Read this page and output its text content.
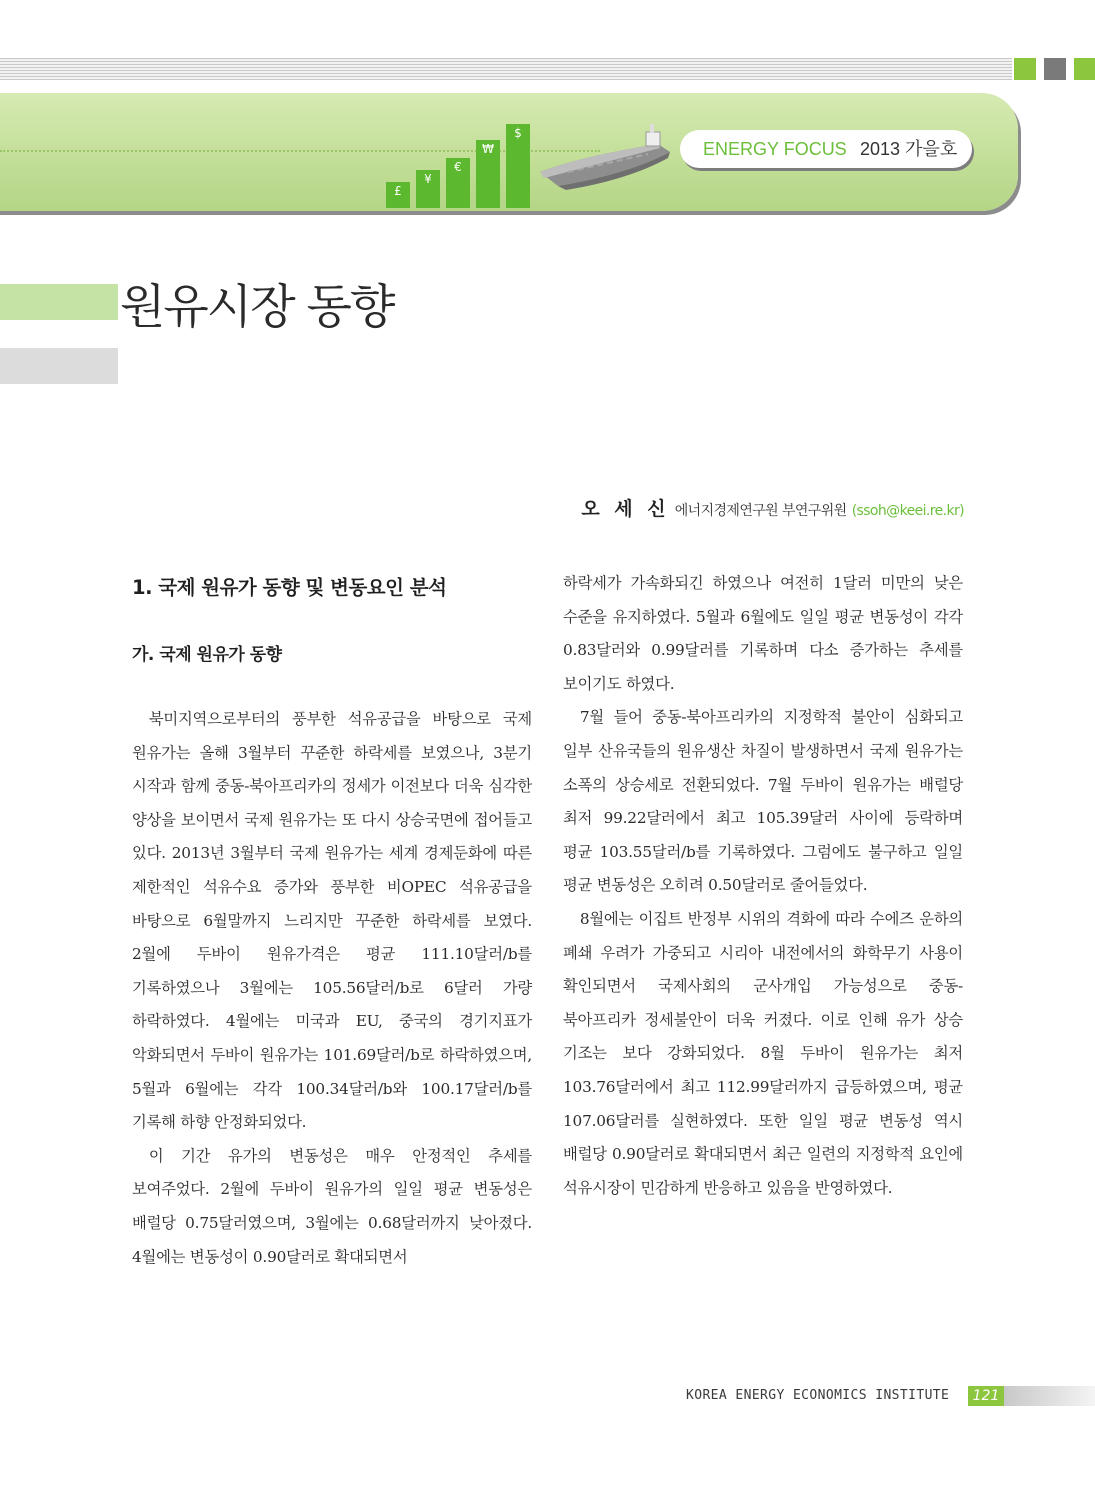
£
¥
€
₩
$
ENERGY FOCUS 2013 가을호
원유시장 동향
오 세 신 에너지경제연구원 부연구위원 (ssoh@keei.re.kr)
1. 국제 원유가 동향 및 변동요인 분석
가. 국제 원유가 동향

북미지역으로부터의 풍부한 석유공급을 바탕으로 국제 원유가는 올해 3월부터 꾸준한 하락세를 보였으나, 3분기 시작과 함께 중동-북아프리카의 정세가 이전보다 더욱 심각한 양상을 보이면서 국제 원유가는 또 다시 상승국면에 접어들고 있다. 2013년 3월부터 국제 원유가는 세계 경제둔화에 따른 제한적인 석유수요 증가와 풍부한 비OPEC 석유공급을 바탕으로 6월말까지 느리지만 꾸준한 하락세를 보였다. 2월에 두바이 원유가격은 평균 111.10달러/b를 기록하였으나 3월에는 105.56달러/b로 6달러 가량 하락하였다. 4월에는 미국과 EU, 중국의 경기지표가 악화되면서 두바이 원유가는 101.69달러/b로 하락하였으며, 5월과 6월에는 각각 100.34달러/b와 100.17달러/b를 기록해 하향 안정화되었다.

이 기간 유가의 변동성은 매우 안정적인 추세를 보여주었다. 2월에 두바이 원유가의 일일 평균 변동성은 배럴당 0.75달러였으며, 3월에는 0.68달러까지 낮아졌다. 4월에는 변동성이 0.90달러로 확대되면서

하락세가 가속화되긴 하였으나 여전히 1달러 미만의 낮은 수준을 유지하였다. 5월과 6월에도 일일 평균 변동성이 각각 0.83달러와 0.99달러를 기록하며 다소 증가하는 추세를 보이기도 하였다.

7월 들어 중동-북아프리카의 지정학적 불안이 심화되고 일부 산유국들의 원유생산 차질이 발생하면서 국제 원유가는 소폭의 상승세로 전환되었다. 7월 두바이 원유가는 배럴당 최저 99.22달러에서 최고 105.39달러 사이에 등락하며 평균 103.55달러/b를 기록하였다. 그럼에도 불구하고 일일 평균 변동성은 오히려 0.50달러로 줄어들었다.

8월에는 이집트 반정부 시위의 격화에 따라 수에즈 운하의 폐쇄 우려가 가중되고 시리아 내전에서의 화학무기 사용이 확인되면서 국제사회의 군사개입 가능성으로 중동-북아프리카 정세불안이 더욱 커졌다. 이로 인해 유가 상승 기조는 보다 강화되었다. 8월 두바이 원유가는 최저 103.76달러에서 최고 112.99달러까지 급등하였으며, 평균 107.06달러를 실현하였다. 또한 일일 평균 변동성 역시 배럴당 0.90달러로 확대되면서 최근 일련의 지정학적 요인에 석유시장이 민감하게 반응하고 있음을 반영하였다.

KOREA ENERGY ECONOMICS INSTITUTE	121
